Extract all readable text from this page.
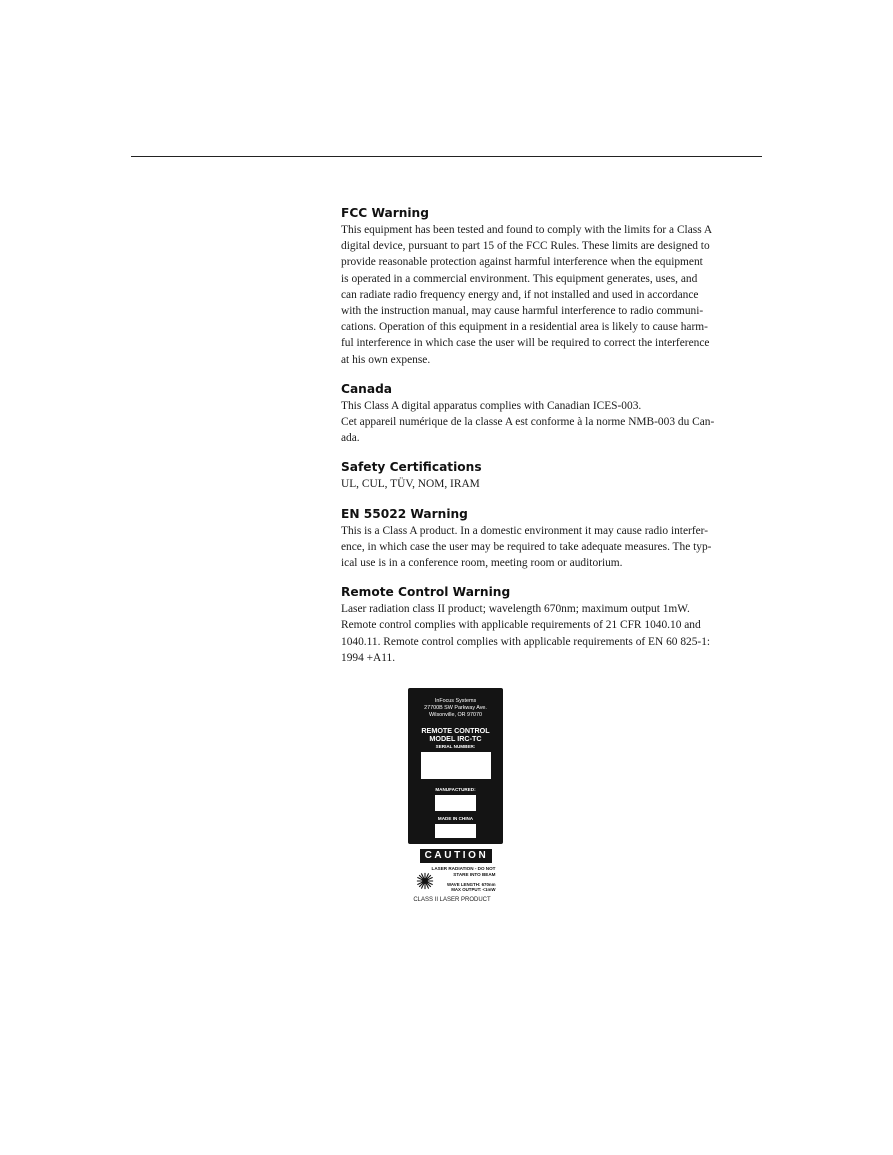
FCC Warning

This equipment has been tested and found to comply with the limits for a Class A
digital device, pursuant to part 15 of the FCC Rules. These limits are designed to
provide reasonable protection against harmful interference when the equipment
is operated in a commercial environment. This equipment generates, uses, and
can radiate radio frequency energy and, if not installed and used in accordance
with the instruction manual, may cause harmful interference to radio communi-
cations. Operation of this equipment in a residential area is likely to cause harm-
ful interference in which case the user will be required to correct the interference
at his own expense.

Canada

This Class A digital apparatus complies with Canadian ICES-003.
Cet appareil numérique de la classe A est conforme à la norme NMB-003 du Can-
ada.

Safety Certifications

UL, CUL, TÜV, NOM, IRAM

EN 55022 Warning

This is a Class A product. In a domestic environment it may cause radio interfer-
ence, in which case the user may be required to take adequate measures. The typ-
ical use is in a conference room, meeting room or auditorium.

Remote Control Warning

Laser radiation class II product; wavelength 670nm; maximum output 1mW.
Remote control complies with applicable requirements of 21 CFR 1040.10 and
1040.11. Remote control complies with applicable requirements of EN 60 825-1:
1994 +A11.

InFocus Systems
27700B SW Parkway Ave.
Wilsonville, OR 97070
REMOTE CONTROL
MODEL IRC-TC
SERIAL NUMBER:
MANUFACTURED:
MADE IN CHINA
CAUTION
LASER RADIATION - DO NOT
STARE INTO BEAM
WAVE LENGTH: 670nm
MAX OUTPUT: <1mW
CLASS II LASER PRODUCT
